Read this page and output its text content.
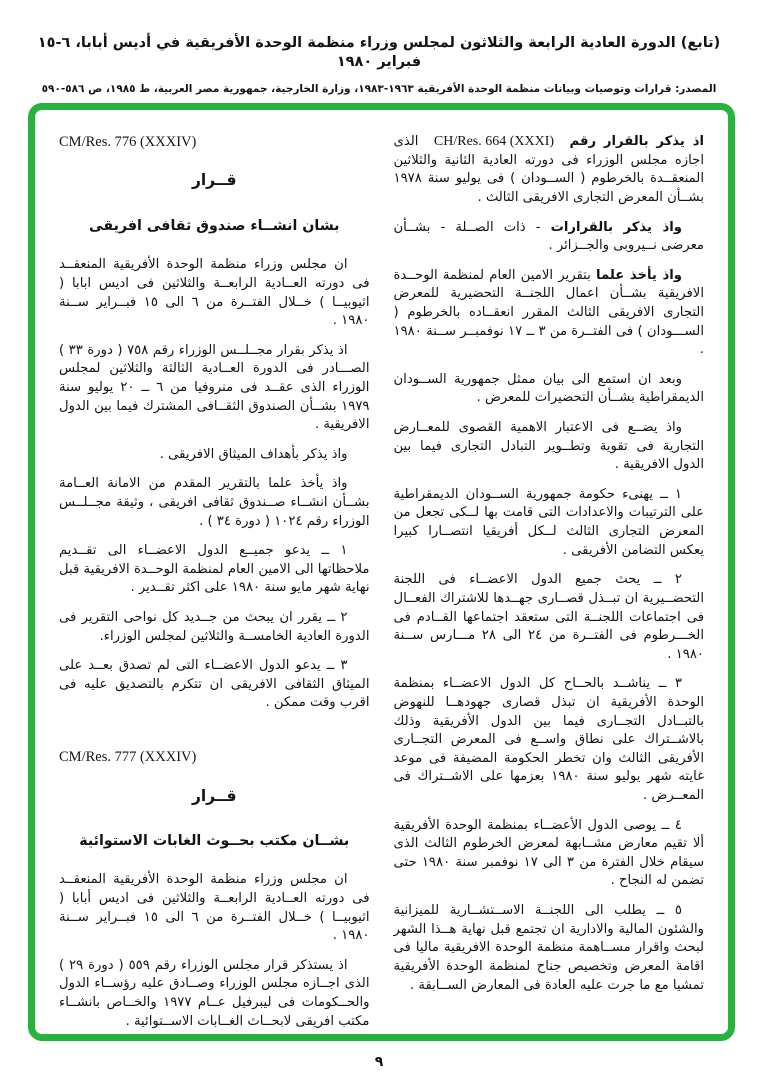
(تابع) الدورة العادية الرابعة والثلاثون لمجلس وزراء منظمة الوحدة الأفريقية في أديس أبابا، ٦-١٥ فبراير ١٩٨٠
المصدر: قرارات وتوصيات وبيانات منظمة الوحدة الأفريقية ١٩٦٣-١٩٨٣، وزارة الخارجية، جمهورية مصر العربية، ط ١٩٨٥، ص ٥٨٦-٥٩٠

اذ يذكر بالقرار رقم CH/Res. 664 (XXXI) الذى اجازه مجلس الوزراء فى دورته العادية الثانية والثلاثين المنعقــدة بالخرطوم ( الســودان ) فى يوليو سنة ١٩٧٨ بشــأن المعرض التجارى الافريقى الثالث .

واذ يذكر بالقرارات - ذات الصــلة - بشــأن معرضى نــيروبى والجــزائر .

واذ يأخذ علما بتقرير الامين العام لمنظمة الوحــدة الافريقية بشــأن اعمال اللجنــة التحضيرية للمعرض التجارى الافريقى الثالث المقرر انعقــاده بالخرطوم ( الســـودان ) فى الفتــرة من ٣ ــ ١٧ نوفمبــر ســنة ١٩٨٠ .

وبعد ان استمع الى بيان ممثل جمهورية الســودان الديمقراطية بشــأن التحضيرات للمعرض .

واذ يضــع فى الاعتبار الاهمية القصوى للمعــارض التجارية فى تقوية وتطــوير التبادل التجارى فيما بين الدول الافريقية .

١ ــ يهنىء حكومة جمهورية الســودان الديمقراطية على الترتيبات والاعدادات التى قامت بها لــكى تجعل من المعرض التجارى الثالث لــكل أفريقيا انتصــارا كبيرا يعكس التضامن الأفريقى .

٢ ــ يحث جميع الدول الاعضــاء فى اللجنة التحضــيرية ان تبــذل قصــارى جهــدها للاشتراك الفعــال فى اجتماعات اللجنــة التى ستعقد اجتماعها القــادم فى الخـــرطوم فى الفتــرة من ٢٤ الى ٢٨ مـــارس ســنة ١٩٨٠ .

٣ ــ يناشــد بالحــاح كل الدول الاعضــاء بمنظمة الوحدة الأفريقية ان تبذل قصارى جهودهــا للنهوض بالتبــادل التجــارى فيما بين الدول الأفريقية وذلك بالاشــتراك على نطاق واســع فى المعرض التجــارى الأفريقى الثالث وان تخطر الحكومة المضيفة فى موعد غايته شهر يوليو سنة ١٩٨٠ بعزمها على الاشــتراك فى المعــرض .

٤ ــ يوصى الدول الأعضــاء بمنظمة الوحدة الأفريقية ألا تقيم معارض مشــابهة لمعرض الخرطوم الثالث الذى سيقام خلال الفترة من ٣ الى ١٧ نوفمبر سنة ١٩٨٠ حتى تضمن له النجاح .

٥ ــ يطلب الى اللجنــة الاســتشــارية للميزانية والشئون المالية والادارية ان تجتمع قبل نهاية هــذا الشهر لبحث واقرار مســاهمة منظمة الوحدة الافريقية ماليا فى اقامة المعرض وتخصيص جناح لمنظمة الوحدة الأفريقية تمشيا مع ما جرت عليه العادة فى المعارض الســابقة .

CM/Res. 776 (XXXIV)

قــرار

بشان انشــاء صندوق ثقافى افريقى

ان مجلس وزراء منظمة الوحدة الأفريقية المنعقــد فى دورته العــادية الرابعــة والثلاثين فى اديس ابابا ( اثيوبيــا ) خــلال الفتــرة من ٦ الى ١٥ فبــراير ســنة ١٩٨٠ .

اذ يذكر بقرار مجــلــس الوزراء رقم ٧٥٨ ( دورة ٣٣ ) الصـــادر فى الدورة العــادية الثالثة والثلاثين لمجلس الوزراء الذى عقــد فى منروفيا من ٦ ــ ٢٠ يوليو سنة ١٩٧٩ بشــأن الصندوق الثقــافى المشترك فيما بين الدول الافريقية .

واذ يذكر بأهداف الميثاق الافريقى .

واذ يأخذ علما بالتقرير المقدم من الامانة العــامة بشــأن انشــاء صــندوق ثقافى افريقى ، وثيقة مجــلــس الوزراء رقم ١٠٢٤ ( دورة ٣٤ ) .

١ ــ يدعو جميــع الدول الاعضــاء الى تقــديم ملاحظاتها الى الامين العام لمنظمة الوحــدة الافريقية قبل نهاية شهر مايو سنة ١٩٨٠ على اكثر تقــدير .

٢ ــ يقرر ان يبحث من جــديد كل نواحى التقرير فى الدورة العادية الخامســة والثلاثين لمجلس الوزراء.

٣ ــ يدعو الدول الاعضــاء التى لم تصدق بعــد على الميثاق الثقافى الافريقى ان تتكرم بالتصديق عليه فى اقرب وقت ممكن .

CM/Res. 777 (XXXIV)

قــرار

بشــان مكتب بحــوث الغابات الاستوائية

ان مجلس وزراء منظمة الوحدة الأفريقية المنعقــد فى دورته العــادية الرابعــة والثلاثين فى اديس أبابا ( اثيوبيــا ) خــلال الفتــرة من ٦ الى ١٥ فبــراير ســنة ١٩٨٠ .

اذ يستذكر قرار مجلس الوزراء رقم ٥٥٩ ( دورة ٢٩ ) الذى اجــازه مجلس الوزراء وصــادق عليه رؤســاء الدول والحــكومات فى ليبرفيل عــام ١٩٧٧ والخــاص بانشــاء مكتب افريقى لابحــاث الغــابات الاســتوائية .

٩
